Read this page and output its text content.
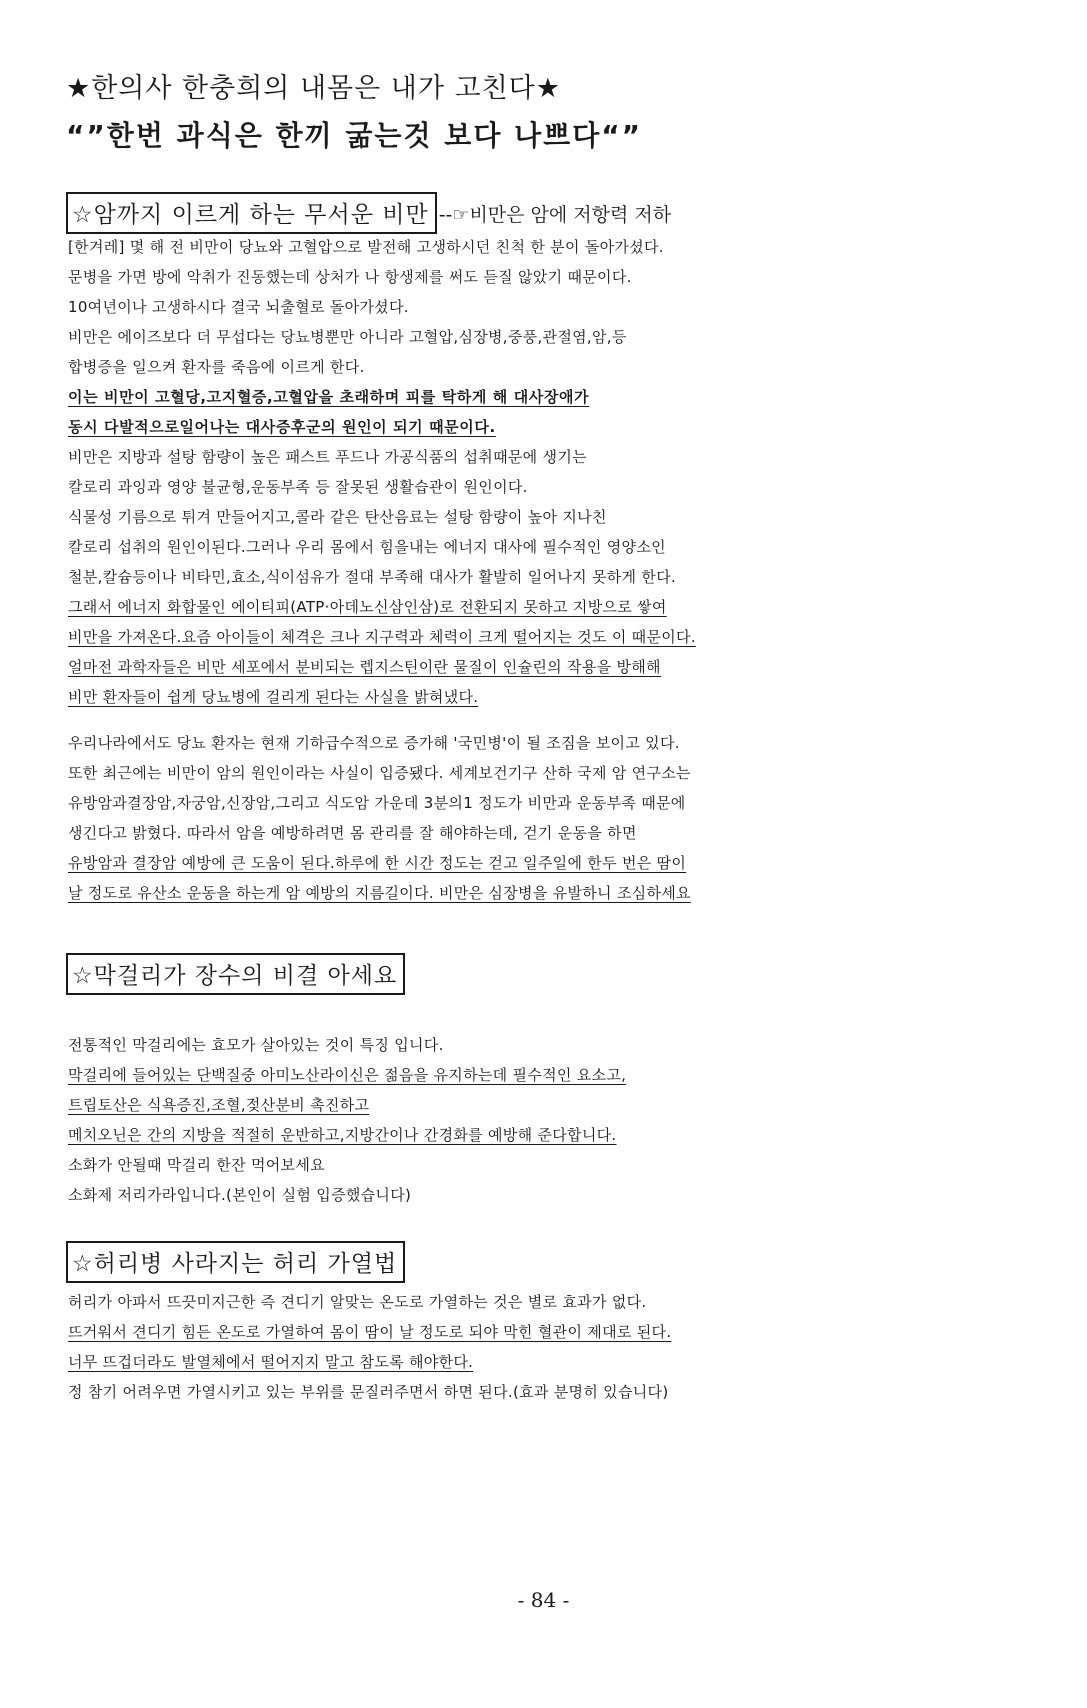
★한의사 한충희의 내몸은 내가 고친다★
“”한번 과식은 한끼 굶는것 보다 나쁘다“”
☆암까지 이르게 하는 무서운 비만 --☞비만은 암에 저항력 저하
[한겨레] 몇 해 전 비만이 당뇨와 고혈압으로 발전해 고생하시던 친척 한 분이 돌아가셨다.
문병을 가면 방에 악취가 진동했는데 상처가 나 항생제를 써도 듣질 않았기 때문이다.
10여년이나 고생하시다 결국 뇌출혈로 돌아가셨다.
비만은 에이즈보다 더 무섭다는 당뇨병뿐만 아니라 고혈압,심장병,중풍,관절염,암,등
합병증을 일으켜 환자를 죽음에 이르게 한다.
이는 비만이 고혈당,고지혈증,고혈압을 초래하며 피를 탁하게 해 대사장애가
동시 다발적으로일어나는 대사증후군의 원인이 되기 때문이다.
비만은 지방과 설탕 함량이 높은 패스트 푸드나 가공식품의 섭취때문에 생기는
칼로리 과잉과 영양 불균형,운동부족 등 잘못된 생활습관이 원인이다.
식물성 기름으로 튀겨 만들어지고,콜라 같은 탄산음료는 설탕 함량이 높아 지나친
칼로리 섭취의 원인이된다.그러나 우리 몸에서 힘을내는 에너지 대사에 필수적인 영양소인
철분,칼슘등이나 비타민,효소,식이섬유가 절대 부족해 대사가 활발히 일어나지 못하게 한다.
그래서 에너지 화합물인 에이티피(ATP·아데노신삼인삼)로 전환되지 못하고 지방으로 쌓여
비만을 가져온다.요즘 아이들이 체격은 크나 지구력과 체력이 크게 떨어지는 것도 이 때문이다.
얼마전 과학자들은 비만 세포에서 분비되는 렙지스틴이란 물질이 인슐린의 작용을 방해해
비만 환자들이 쉽게 당뇨병에 걸리게 된다는 사실을 밝혀냈다.
우리나라에서도 당뇨 환자는 현재 기하급수적으로 증가해 '국민병'이 될 조짐을 보이고 있다.
또한 최근에는 비만이 암의 원인이라는 사실이 입증됐다. 세계보건기구 산하 국제 암 연구소는
유방암과결장암,자궁암,신장암,그리고 식도암 가운데 3분의1 정도가 비만과 운동부족 때문에
생긴다고 밝혔다. 따라서 암을 예방하려면 몸 관리를 잘 해야하는데, 걷기 운동을 하면
유방암과 결장암 예방에 큰 도움이 된다.하루에 한 시간 정도는 걷고 일주일에 한두 번은 땀이
날 정도로 유산소 운동을 하는게 암 예방의 지름길이다. 비만은 심장병을 유발하니 조심하세요
☆막걸리가 장수의 비결 아세요
전통적인 막걸리에는 효모가 살아있는 것이 특징 입니다.
막걸리에 들어있는 단백질중 아미노산라이신은 젊음을 유지하는데 필수적인 요소고,
트립토산은 식욕증진,조혈,젖산분비 촉진하고
메치오닌은 간의 지방을 적절히 운반하고,지방간이나 간경화를 예방해 준다합니다.
소화가 안될때 막걸리 한잔 먹어보세요
소화제 저리가라입니다.(본인이 실험 입증했습니다)
☆허리병 사라지는 허리 가열법
허리가 아파서 뜨끗미지근한 즉 견디기 알맞는 온도로 가열하는 것은 별로 효과가 없다.
뜨거워서 견디기 힘든 온도로 가열하여 몸이 땀이 날 정도로 되야 막힌 혈관이 제대로 된다.
너무 뜨겁더라도 발열체에서 떨어지지 말고 참도록 해야한다.
정 참기 어려우면 가열시키고 있는 부위를 문질러주면서 하면 된다.(효과 분명히 있습니다)
- 84 -
